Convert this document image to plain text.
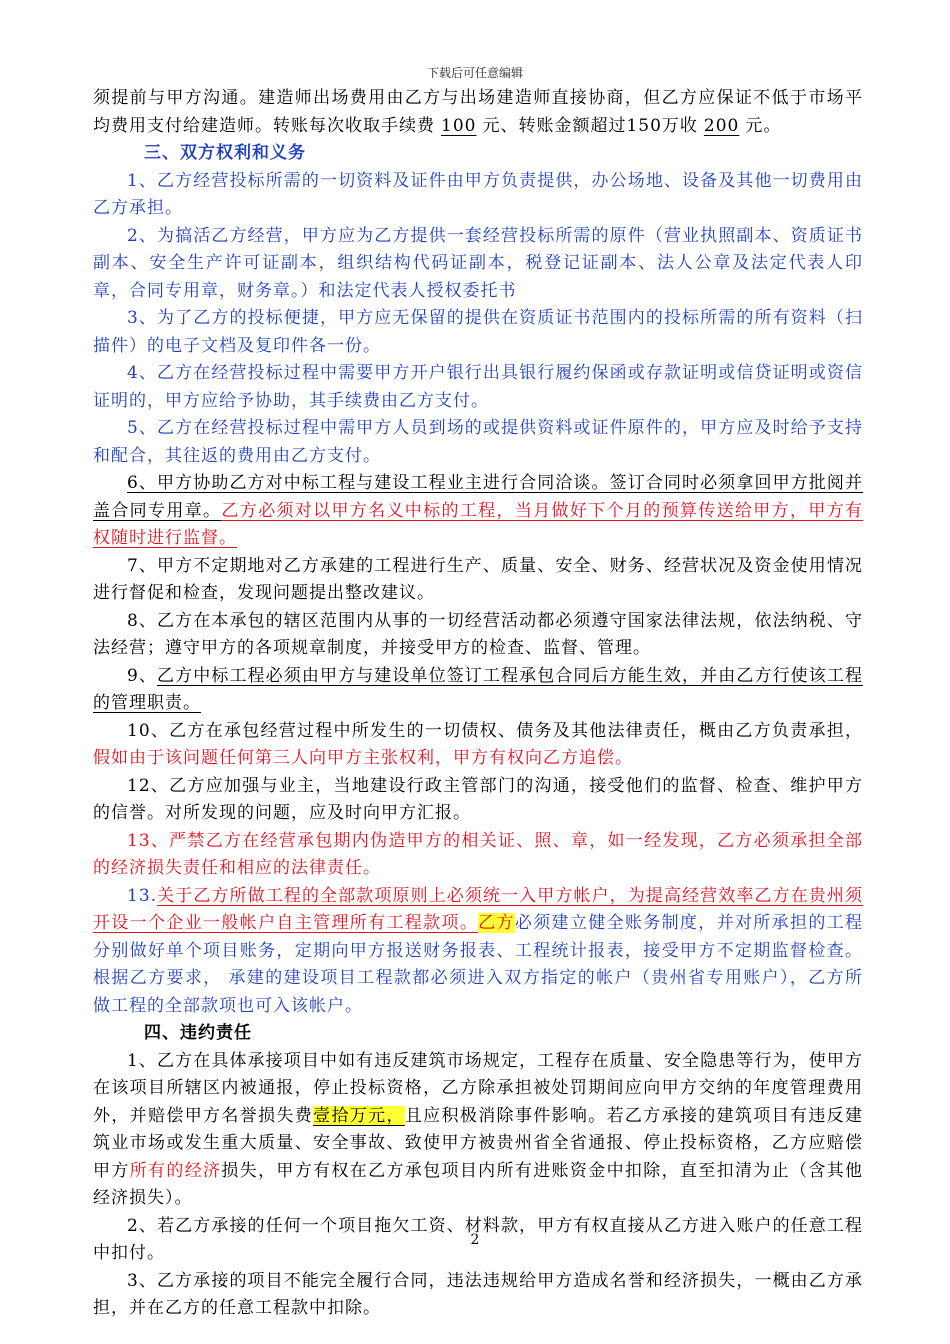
下载后可任意编辑

须提前与甲方沟通。建造师出场费用由乙方与出场建造师直接协商，但乙方应保证不低于市场平均费用支付给建造师。转账每次收取手续费 100 元、转账金额超过150万收 200 元。

三、双方权利和义务

1、乙方经营投标所需的一切资料及证件由甲方负责提供，办公场地、设备及其他一切费用由乙方承担。

2、为搞活乙方经营，甲方应为乙方提供一套经营投标所需的原件（营业执照副本、资质证书副本、安全生产许可证副本，组织结构代码证副本，税登记证副本、法人公章及法定代表人印章，合同专用章，财务章。）和法定代表人授权委托书

3、为了乙方的投标便捷，甲方应无保留的提供在资质证书范围内的投标所需的所有资料（扫描件）的电子文档及复印件各一份。

4、乙方在经营投标过程中需要甲方开户银行出具银行履约保函或存款证明或信贷证明或资信证明的，甲方应给予协助，其手续费由乙方支付。

5、乙方在经营投标过程中需甲方人员到场的或提供资料或证件原件的，甲方应及时给予支持和配合，其往返的费用由乙方支付。

6、甲方协助乙方对中标工程与建设工程业主进行合同洽谈。签订合同时必须拿回甲方批阅并盖合同专用章。乙方必须对以甲方名义中标的工程，当月做好下个月的预算传送给甲方，甲方有权随时进行监督。

7、甲方不定期地对乙方承建的工程进行生产、质量、安全、财务、经营状况及资金使用情况进行督促和检查，发现问题提出整改建议。

8、乙方在本承包的辖区范围内从事的一切经营活动都必须遵守国家法律法规，依法纳税、守法经营；遵守甲方的各项规章制度，并接受甲方的检查、监督、管理。

9、乙方中标工程必须由甲方与建设单位签订工程承包合同后方能生效，并由乙方行使该工程的管理职责。

10、乙方在承包经营过程中所发生的一切债权、债务及其他法律责任，概由乙方负责承担，假如由于该问题任何第三人向甲方主张权利，甲方有权向乙方追偿。

12、乙方应加强与业主，当地建设行政主管部门的沟通，接受他们的监督、检查、维护甲方的信誉。对所发现的问题，应及时向甲方汇报。

13、严禁乙方在经营承包期内伪造甲方的相关证、照、章，如一经发现，乙方必须承担全部的经济损失责任和相应的法律责任。

13.关于乙方所做工程的全部款项原则上必须统一入甲方帐户，为提高经营效率乙方在贵州须开设一个企业一般帐户自主管理所有工程款项。乙方必须建立健全账务制度，并对所承担的工程分别做好单个项目账务，定期向甲方报送财务报表、工程统计报表，接受甲方不定期监督检查。根据乙方要求， 承建的建设项目工程款都必须进入双方指定的帐户（贵州省专用账户），乙方所做工程的全部款项也可入该帐户。

四、违约责任

1、乙方在具体承接项目中如有违反建筑市场规定，工程存在质量、安全隐患等行为，使甲方在该项目所辖区内被通报，停止投标资格，乙方除承担被处罚期间应向甲方交纳的年度管理费用外，并赔偿甲方名誉损失费壹拾万元，且应积极消除事件影响。若乙方承接的建筑项目有违反建筑业市场或发生重大质量、安全事故、致使甲方被贵州省全省通报、停止投标资格，乙方应赔偿甲方所有的经济损失，甲方有权在乙方承包项目内所有进账资金中扣除，直至扣清为止（含其他经济损失）。

2、若乙方承接的任何一个项目拖欠工资、材料款，甲方有权直接从乙方进入账户的任意工程中扣付。

3、乙方承接的项目不能完全履行合同，违法违规给甲方造成名誉和经济损失，一概由乙方承担，并在乙方的任意工程款中扣除。

2
